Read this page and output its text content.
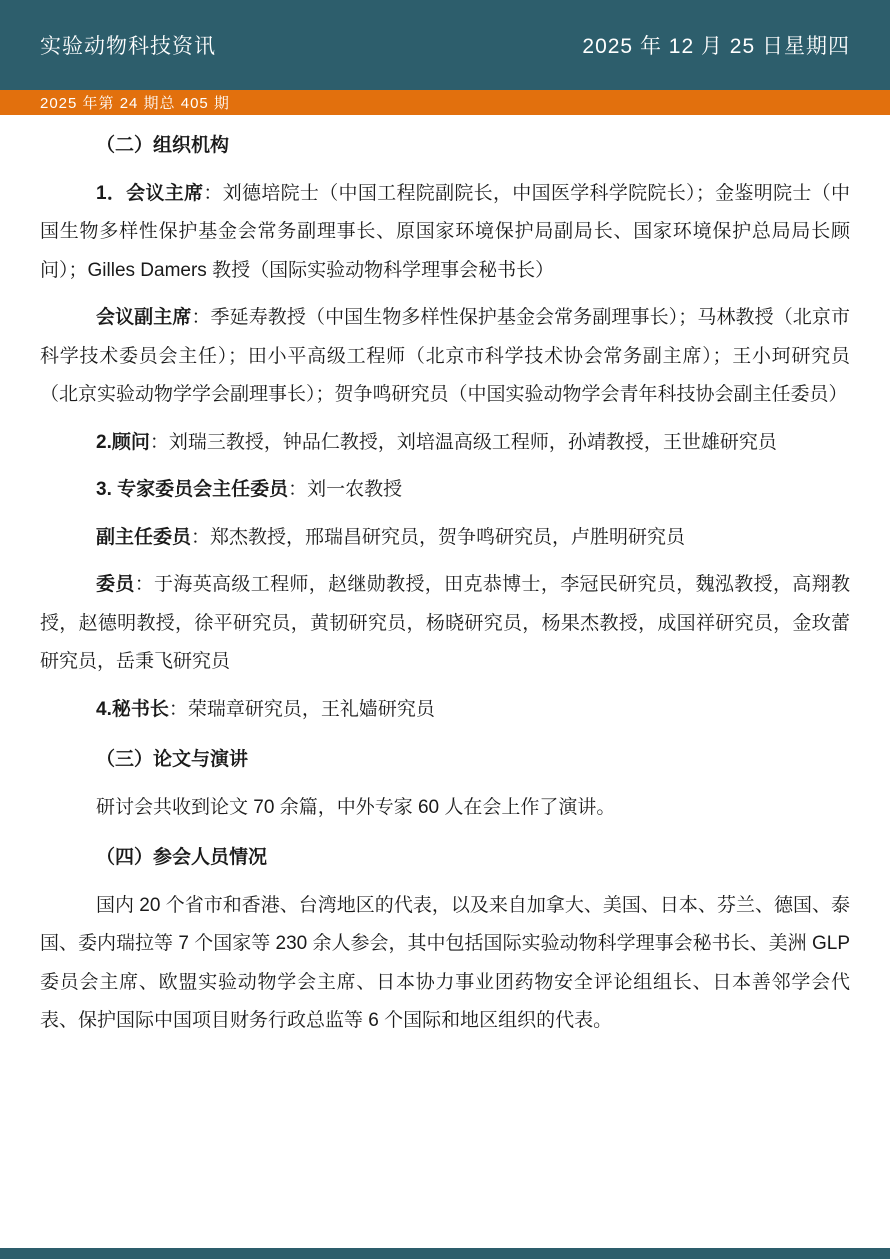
实验动物科技资讯	2025 年 12 月 25 日星期四
2025 年第 24 期总 405 期

（二）组织机构

1．会议主席：刘德培院士（中国工程院副院长，中国医学科学院院长）；金鉴明院士（中国生物多样性保护基金会常务副理事长、原国家环境保护局副局长、国家环境保护总局局长顾问）；Gilles Damers 教授（国际实验动物科学理事会秘书长）

会议副主席：季延寿教授（中国生物多样性保护基金会常务副理事长）；马林教授（北京市科学技术委员会主任）；田小平高级工程师（北京市科学技术协会常务副主席）；王小珂研究员（北京实验动物学学会副理事长）；贺争鸣研究员（中国实验动物学会青年科技协会副主任委员）

2.顾问：刘瑞三教授，钟品仁教授，刘培温高级工程师，孙靖教授，王世雄研究员

3. 专家委员会主任委员：刘一农教授

副主任委员：郑杰教授，邢瑞昌研究员，贺争鸣研究员，卢胜明研究员

委员：于海英高级工程师，赵继勋教授，田克恭博士，李冠民研究员，魏泓教授，高翔教授，赵德明教授，徐平研究员，黄韧研究员，杨晓研究员，杨果杰教授，成国祥研究员，金玫蕾研究员，岳秉飞研究员

4.秘书长：荣瑞章研究员，王礼嫱研究员

（三）论文与演讲

研讨会共收到论文 70 余篇，中外专家 60 人在会上作了演讲。

（四）参会人员情况

国内 20 个省市和香港、台湾地区的代表，以及来自加拿大、美国、日本、芬兰、德国、泰国、委内瑞拉等 7 个国家等 230 余人参会，其中包括国际实验动物科学理事会秘书长、美洲 GLP 委员会主席、欧盟实验动物学会主席、日本协力事业团药物安全评论组组长、日本善邻学会代表、保护国际中国项目财务行政总监等 6 个国际和地区组织的代表。
